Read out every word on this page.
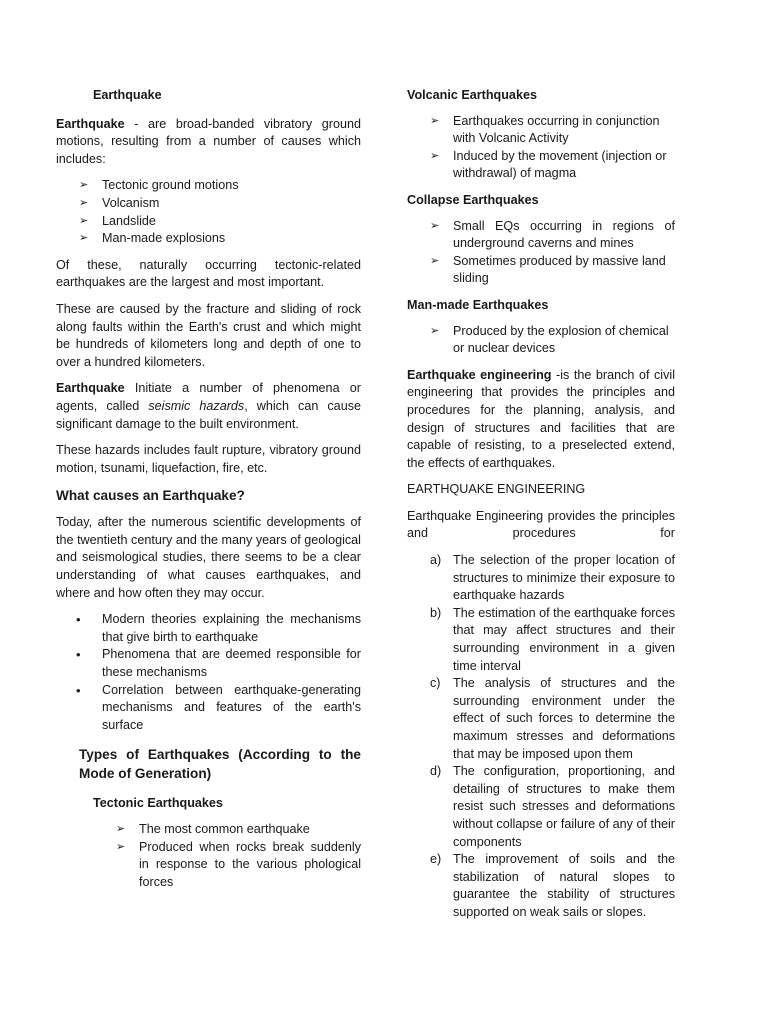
Earthquake

Earthquake - are broad-banded vibratory ground motions, resulting from a number of causes which includes:

➢ Tectonic ground motions
➢ Volcanism
➢ Landslide
➢ Man-made explosions

Of these, naturally occurring tectonic-related earthquakes are the largest and most important.

These are caused by the fracture and sliding of rock along faults within the Earth's crust and which might be hundreds of kilometers long and depth of one to over a hundred kilometers.

Earthquake Initiate a number of phenomena or agents, called seismic hazards, which can cause significant damage to the built environment.

These hazards includes fault rupture, vibratory ground motion, tsunami, liquefaction, fire, etc.

What causes an Earthquake?

Today, after the numerous scientific developments of the twentieth century and the many years of geological and seismological studies, there seems to be a clear understanding of what causes earthquakes, and where and how often they may occur.

• Modern theories explaining the mechanisms that give birth to earthquake
• Phenomena that are deemed responsible for these mechanisms
• Correlation between earthquake-generating mechanisms and features of the earth's surface
Types of Earthquakes (According to the Mode of Generation)
Tectonic Earthquakes
➢ The most common earthquake
➢ Produced when rocks break suddenly in response to the various phological forces
Volcanic Earthquakes
➢ Earthquakes occurring in conjunction with Volcanic Activity
➢ Induced by the movement (injection or withdrawal) of magma
Collapse Earthquakes
➢ Small EQs occurring in regions of underground caverns and mines
➢ Sometimes produced by massive land sliding
Man-made Earthquakes
➢ Produced by the explosion of chemical or nuclear devices

Earthquake engineering -is the branch of civil engineering that provides the principles and procedures for the planning, analysis, and design of structures and facilities that are capable of resisting, to a preselected extend, the effects of earthquakes.

EARTHQUAKE ENGINEERING

Earthquake Engineering provides the principles and procedures for

a) The selection of the proper location of structures to minimize their exposure to earthquake hazards
b) The estimation of the earthquake forces that may affect structures and their surrounding environment in a given time interval
c) The analysis of structures and the surrounding environment under the effect of such forces to determine the maximum stresses and deformations that may be imposed upon them
d) The configuration, proportioning, and detailing of structures to make them resist such stresses and deformations without collapse or failure of any of their components
e) The improvement of soils and the stabilization of natural slopes to guarantee the stability of structures supported on weak sails or slopes.
